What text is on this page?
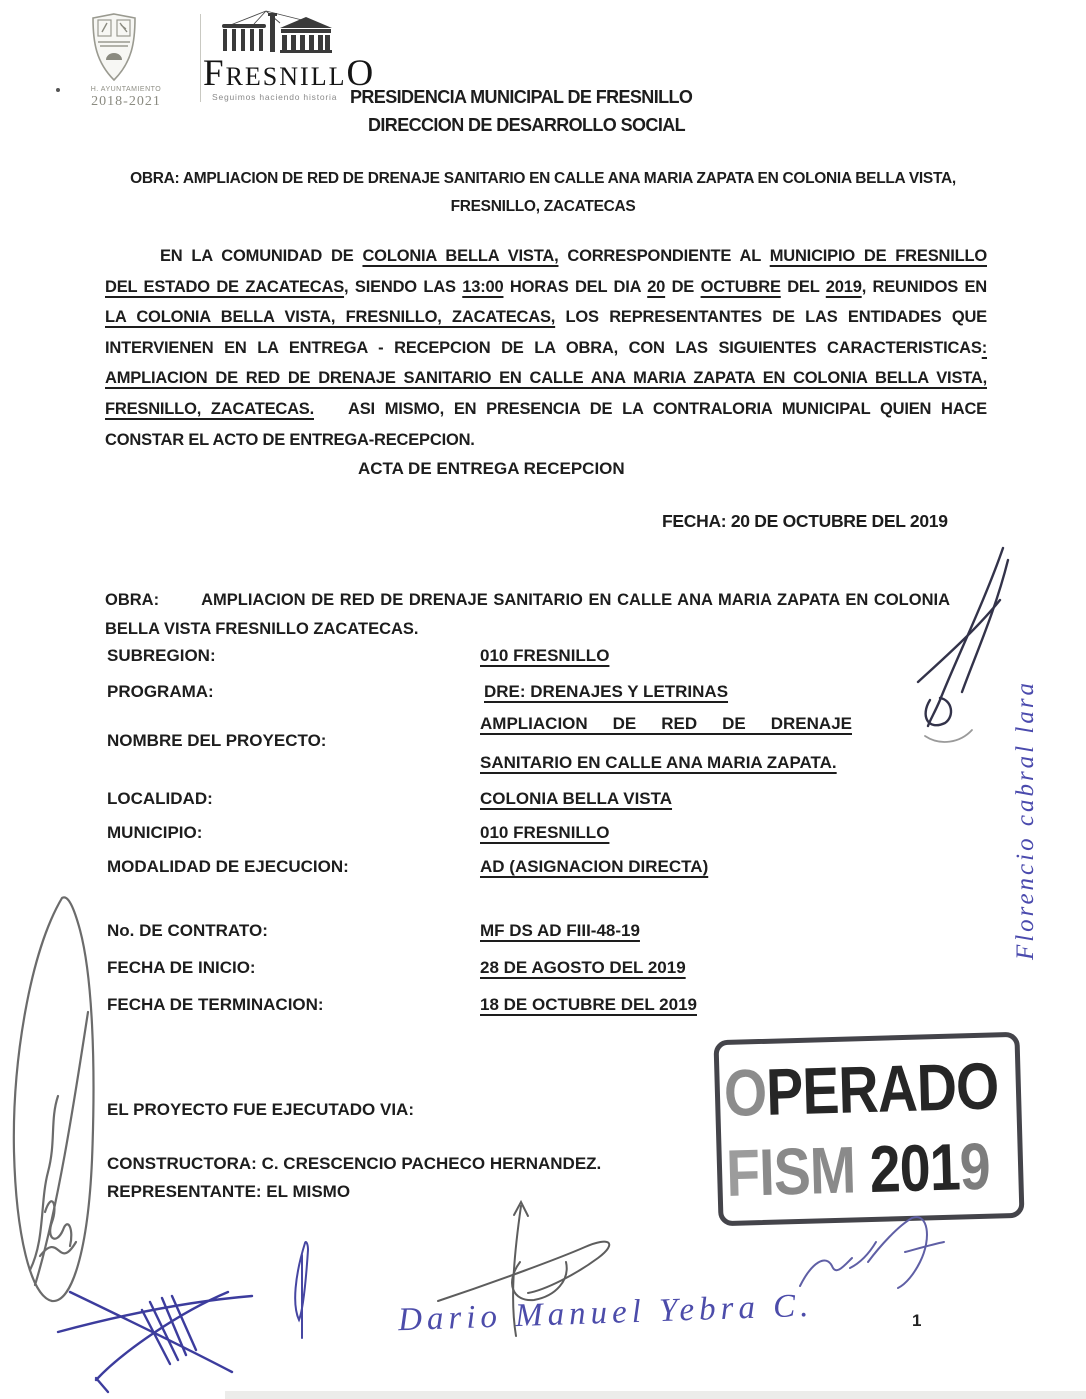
H. AYUNTAMIENTO
2018-2021
FRESNILLO
Seguimos haciendo historia PRESIDENCIA MUNICIPAL DE FRESNILLO
DIRECCION DE DESARROLLO SOCIAL
OBRA: AMPLIACION DE RED DE DRENAJE SANITARIO EN CALLE ANA MARIA ZAPATA EN COLONIA BELLA VISTA,
FRESNILLO, ZACATECAS
EN LA COMUNIDAD DE COLONIA BELLA VISTA, CORRESPONDIENTE AL MUNICIPIO DE FRESNILLO
DEL ESTADO DE ZACATECAS, SIENDO LAS 13:00 HORAS DEL DIA 20 DE OCTUBRE DEL 2019, REUNIDOS EN
LA COLONIA BELLA VISTA, FRESNILLO, ZACATECAS, LOS REPRESENTANTES DE LAS ENTIDADES QUE
INTERVIENEN EN LA ENTREGA - RECEPCION DE LA OBRA, CON LAS SIGUIENTES CARACTERISTICAS:
AMPLIACION DE RED DE DRENAJE SANITARIO EN CALLE ANA MARIA ZAPATA EN COLONIA BELLA VISTA,
FRESNILLO, ZACATECAS. ASI MISMO, EN PRESENCIA DE LA CONTRALORIA MUNICIPAL QUIEN HACE
CONSTAR EL ACTO DE ENTREGA-RECEPCION.
ACTA DE ENTREGA RECEPCION
FECHA: 20 DE OCTUBRE DEL 2019
OBRA:	AMPLIACION DE RED DE DRENAJE SANITARIO EN CALLE ANA MARIA ZAPATA EN COLONIA
BELLA VISTA FRESNILLO ZACATECAS.
SUBREGION:	010 FRESNILLO
PROGRAMA:	DRE: DRENAJES Y LETRINAS
NOMBRE DEL PROYECTO:
AMPLIACION DE RED DE DRENAJE
SANITARIO EN CALLE ANA MARIA ZAPATA.
LOCALIDAD:	COLONIA BELLA VISTA
MUNICIPIO:	010 FRESNILLO
MODALIDAD DE EJECUCION:	AD (ASIGNACION DIRECTA)
No. DE CONTRATO:	MF DS AD FIII-48-19
FECHA DE INICIO:	28 DE AGOSTO DEL 2019
FECHA DE TERMINACION:	18 DE OCTUBRE DEL 2019
EL PROYECTO FUE EJECUTADO VIA:
CONSTRUCTORA: C. CRESCENCIO PACHECO HERNANDEZ.
REPRESENTANTE: EL MISMO
OPERADO
FISM 2019
Florencio cabral lara
Dario Manuel Yebra C.	1
